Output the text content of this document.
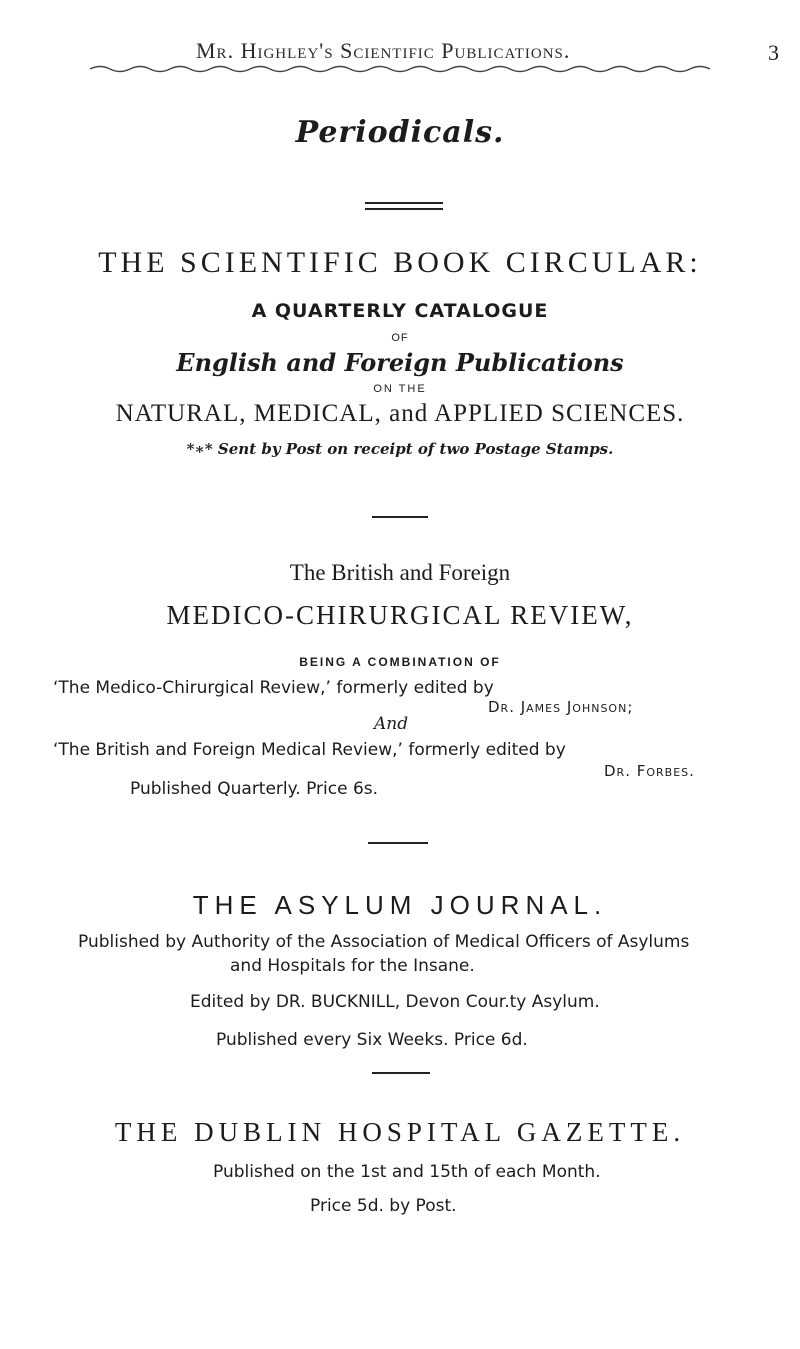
Mr. Highley's Scientific Publications.	3
Periodicals.
THE SCIENTIFIC BOOK CIRCULAR:
A QUARTERLY CATALOGUE
OF
English and Foreign Publications
ON THE
NATURAL, MEDICAL, and APPLIED SCIENCES.
*∗* Sent by Post on receipt of two Postage Stamps.
The British and Foreign
MEDICO-CHIRURGICAL REVIEW,
BEING A COMBINATION OF
‘The Medico-Chirurgical Review,’ formerly edited by
Dr. James Johnson;
And
‘The British and Foreign Medical Review,’ formerly edited by
Dr. Forbes.
Published Quarterly. Price 6s.
THE ASYLUM JOURNAL.
Published by Authority of the Association of Medical Officers of Asylums
and Hospitals for the Insane.
Edited by DR. BUCKNILL, Devon Cour.ty Asylum.
Published every Six Weeks. Price 6d.
THE DUBLIN HOSPITAL GAZETTE.
Published on the 1st and 15th of each Month.
Price 5d. by Post.
